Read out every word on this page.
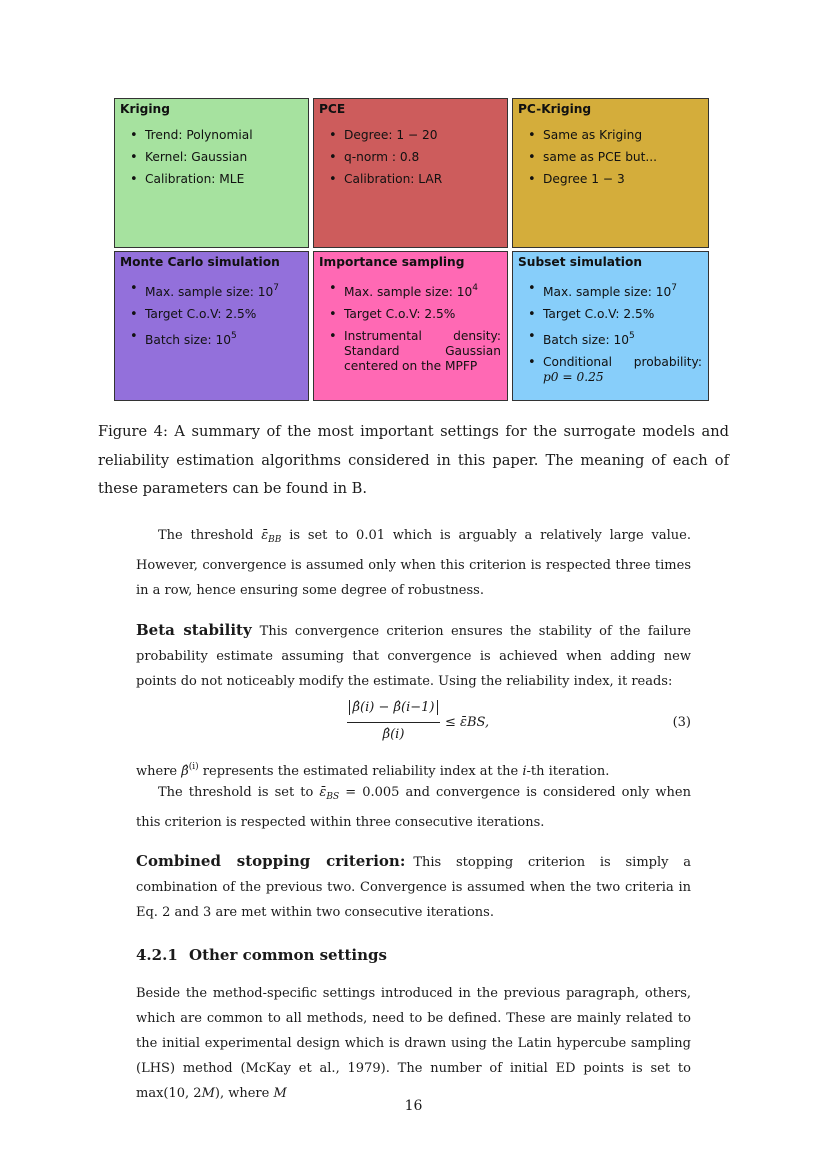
Kriging
• Trend: Polynomial
• Kernel: Gaussian
• Calibration: MLE
PCE
• Degree: 1 − 20
• q-norm : 0.8
• Calibration: LAR
PC-Kriging
• Same as Kriging
• same as PCE but...
• Degree 1 − 3
Monte Carlo simulation
• Max. sample size: $10^7$
• Target C.o.V: 2.5%
• Batch size: $10^5$
Importance sampling
• Max. sample size: $10^4$
• Target C.o.V: 2.5%
• Instrumental density: Standard Gaussian
centered on the MPFP
Subset simulation
• Max. sample size: $10^7$
• Target C.o.V: 2.5%
• Batch size: $10^5$
• Conditional probability:
p0 = 0.25

Figure 4: A summary of the most important settings for the surrogate models and reliability estimation algorithms considered in this paper. The meaning of each of these parameters can be found in B.

The threshold $\varepsilon̄_{BB}$ is set to 0.01 which is arguably a relatively large value. However, convergence is assumed only when this criterion is respected three times in a row, hence ensuring some degree of robustness.

Beta stability This convergence criterion ensures the stability of the failure probability estimate assuming that convergence is achieved when adding new points do not noticeably modify the estimate. Using the reliability index, it reads:

β̂(i) − β̂(i−1)
β̂(i)
≤ ε̄BS,	(3)

where β̂$^{(i)}$ represents the estimated reliability index at the i-th iteration.

The threshold is set to $\varepsilon̄_{BS} = 0.005$ and convergence is considered only when this criterion is respected within three consecutive iterations.

Combined stopping criterion: This stopping criterion is simply a combination of the previous two. Convergence is assumed when the two criteria in Eq. 2 and 3 are met within two consecutive iterations.

4.2.1 Other common settings

Beside the method-specific settings introduced in the previous paragraph, others, which are common to all methods, need to be defined. These are mainly related to the initial experimental design which is drawn using the Latin hypercube sampling (LHS) method (McKay et al., 1979). The number of initial ED points is set to max(10, 2M), where M

16
